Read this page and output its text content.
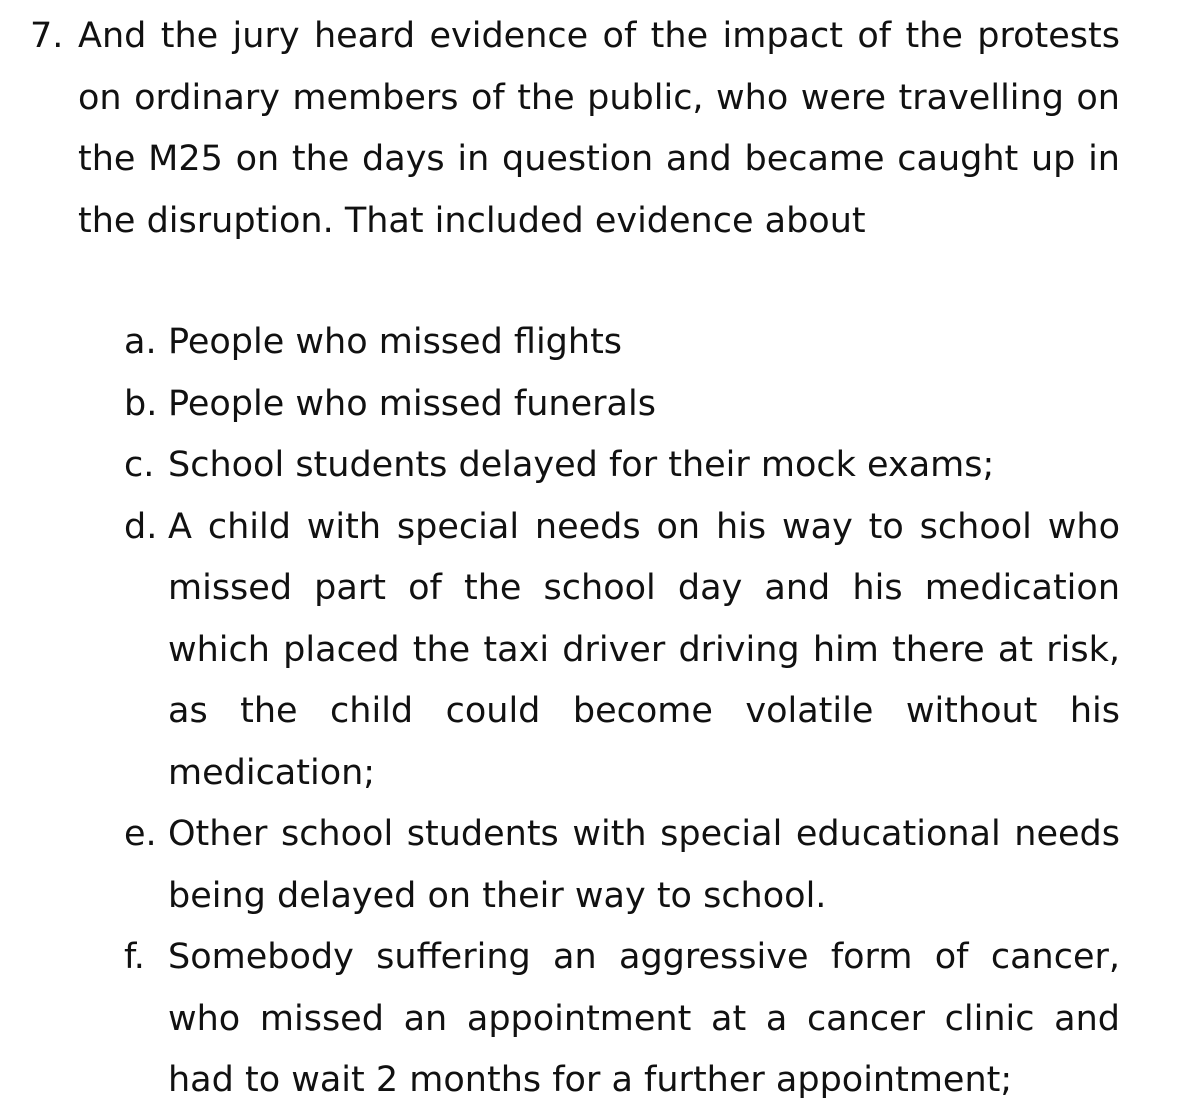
7. And the jury heard evidence of the impact of the protests on ordinary members of the public, who were travelling on the M25 on the days in question and became caught up in the disruption. That included evidence about
a. People who missed flights
b. People who missed funerals
c. School students delayed for their mock exams;
d. A child with special needs on his way to school who missed part of the school day and his medication which placed the taxi driver driving him there at risk, as the child could become volatile without his medication;
e. Other school students with special educational needs being delayed on their way to school.
f. Somebody suffering an aggressive form of cancer, who missed an appointment at a cancer clinic and had to wait 2 months for a further appointment;
